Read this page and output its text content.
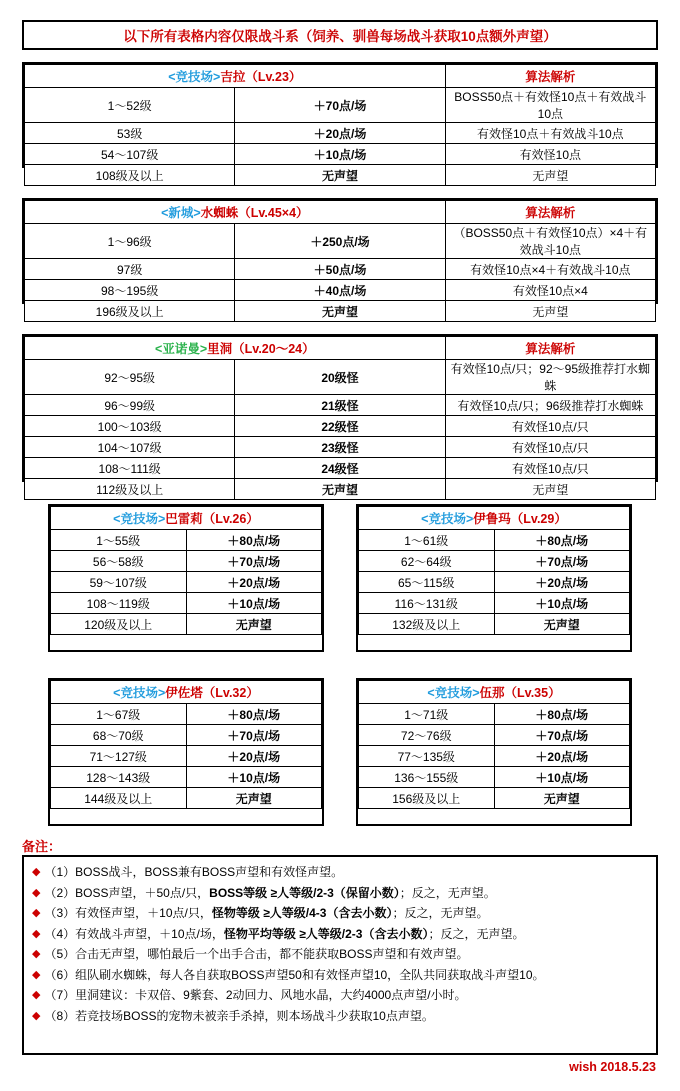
以下所有表格内容仅限战斗系（饲养、驯兽每场战斗获取10点额外声望）
<竞技场>吉拉（Lv.23）		算法解析
1～52级	＋70点/场	BOSS50点＋有效怪10点＋有效战斗10点
53级	＋20点/场	有效怪10点＋有效战斗10点
54～107级	＋10点/场	有效怪10点
108级及以上	无声望	无声望
<新城>水蜘蛛（Lv.45×4）		算法解析
1～96级	＋250点/场	（BOSS50点＋有效怪10点）×4＋有效战斗10点
97级	＋50点/场	有效怪10点×4＋有效战斗10点
98～195级	＋40点/场	有效怪10点×4
196级及以上	无声望	无声望
<亚诺曼>里洞（Lv.20～24）		算法解析
92～95级	20级怪	有效怪10点/只；92～95级推荐打水蜘蛛
96～99级	21级怪	有效怪10点/只；96级推荐打水蜘蛛
100～103级	22级怪	有效怪10点/只
104～107级	23级怪	有效怪10点/只
108～111级	24级怪	有效怪10点/只
112级及以上	无声望	无声望
<竞技场>巴雷莉（Lv.26）	
1～55级	＋80点/场
56～58级	＋70点/场
59～107级	＋20点/场
108～119级	＋10点/场
120级及以上	无声望
<竞技场>伊鲁玛（Lv.29）	
1～61级	＋80点/场
62～64级	＋70点/场
65～115级	＋20点/场
116～131级	＋10点/场
132级及以上	无声望
<竞技场>伊佐塔（Lv.32）	
1～67级	＋80点/场
68～70级	＋70点/场
71～127级	＋20点/场
128～143级	＋10点/场
144级及以上	无声望
<竞技场>伍那（Lv.35）	
1～71级	＋80点/场
72～76级	＋70点/场
77～135级	＋20点/场
136～155级	＋10点/场
156级及以上	无声望
备注：
◆ （1）BOSS战斗，BOSS兼有BOSS声望和有效怪声望。
◆ （2）BOSS声望，＋50点/只，BOSS等级 ≥人等级/2-3（保留小数）；反之，无声望。
◆ （3）有效怪声望，＋10点/只，怪物等级 ≥人等级/4-3（含去小数）；反之，无声望。
◆ （4）有效战斗声望，＋10点/场，怪物平均等级 ≥人等级/2-3（含去小数）；反之，无声望。
◆ （5）合击无声望，哪怕最后一个出手合击，都不能获取BOSS声望和有效声望。
◆ （6）组队刷水蜘蛛，每人各自获取BOSS声望50和有效怪声望10，全队共同获取战斗声望10。
◆ （7）里洞建议：卡双倍、9紫套、2动回力、风地水晶，大约4000点声望/小时。
◆ （8）若竞技场BOSS的宠物未被亲手杀掉，则本场战斗少获取10点声望。
wish 2018.5.23
